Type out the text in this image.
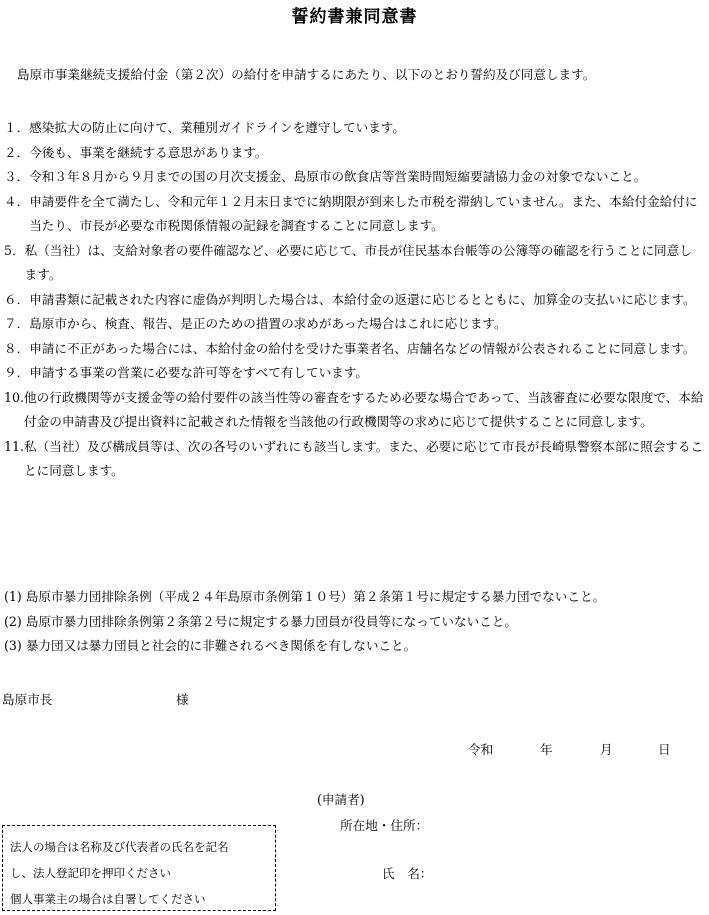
誓約書兼同意書
島原市事業継続支援給付金（第２次）の給付を申請するにあたり、以下のとおり誓約及び同意します。
１． 感染拡大の防止に向けて、業種別ガイドラインを遵守しています。
２． 今後も、事業を継続する意思があります。
３． 令和３年８月から９月までの国の月次支援金、島原市の飲食店等営業時間短縮要請協力金の対象でないこと。
４． 申請要件を全て満たし、令和元年１２月末日までに納期限が到来した市税を滞納していません。また、本給付金給付に当たり、市長が必要な市税関係情報の記録を調査することに同意します。
5． 私（当社）は、支給対象者の要件確認など、必要に応じて、市長が住民基本台帳等の公簿等の確認を行うことに同意します。
６． 申請書類に記載された内容に虚偽が判明した場合は、本給付金の返還に応じるとともに、加算金の支払いに応じます。
７． 島原市から、検査、報告、是正のための措置の求めがあった場合はこれに応じます。
８． 申請に不正があった場合には、本給付金の給付を受けた事業者名、店舗名などの情報が公表されることに同意します。
９． 申請する事業の営業に必要な許可等をすべて有しています。
10. 他の行政機関等が支援金等の給付要件の該当性等の審査をするため必要な場合であって、当該審査に必要な限度で、本給付金の申請書及び提出資料に記載された情報を当該他の行政機関等の求めに応じて提供することに同意します。
11. 私（当社）及び構成員等は、次の各号のいずれにも該当します。また、必要に応じて市長が長崎県警察本部に照会することに同意します。
(1) 島原市暴力団排除条例（平成２４年島原市条例第１０号）第２条第１号に規定する暴力団でないこと。
(2) 島原市暴力団排除条例第２条第２号に規定する暴力団員が役員等になっていないこと。
(3) 暴力団又は暴力団員と社会的に非難されるべき関係を有しないこと。
島原市長	様
令和	年	月	日
(申請者)
所在地・住所：
氏　名：
法人の場合は名称及び代表者の氏名を記名
し、法人登記印を押印ください
個人事業主の場合は自署してください
